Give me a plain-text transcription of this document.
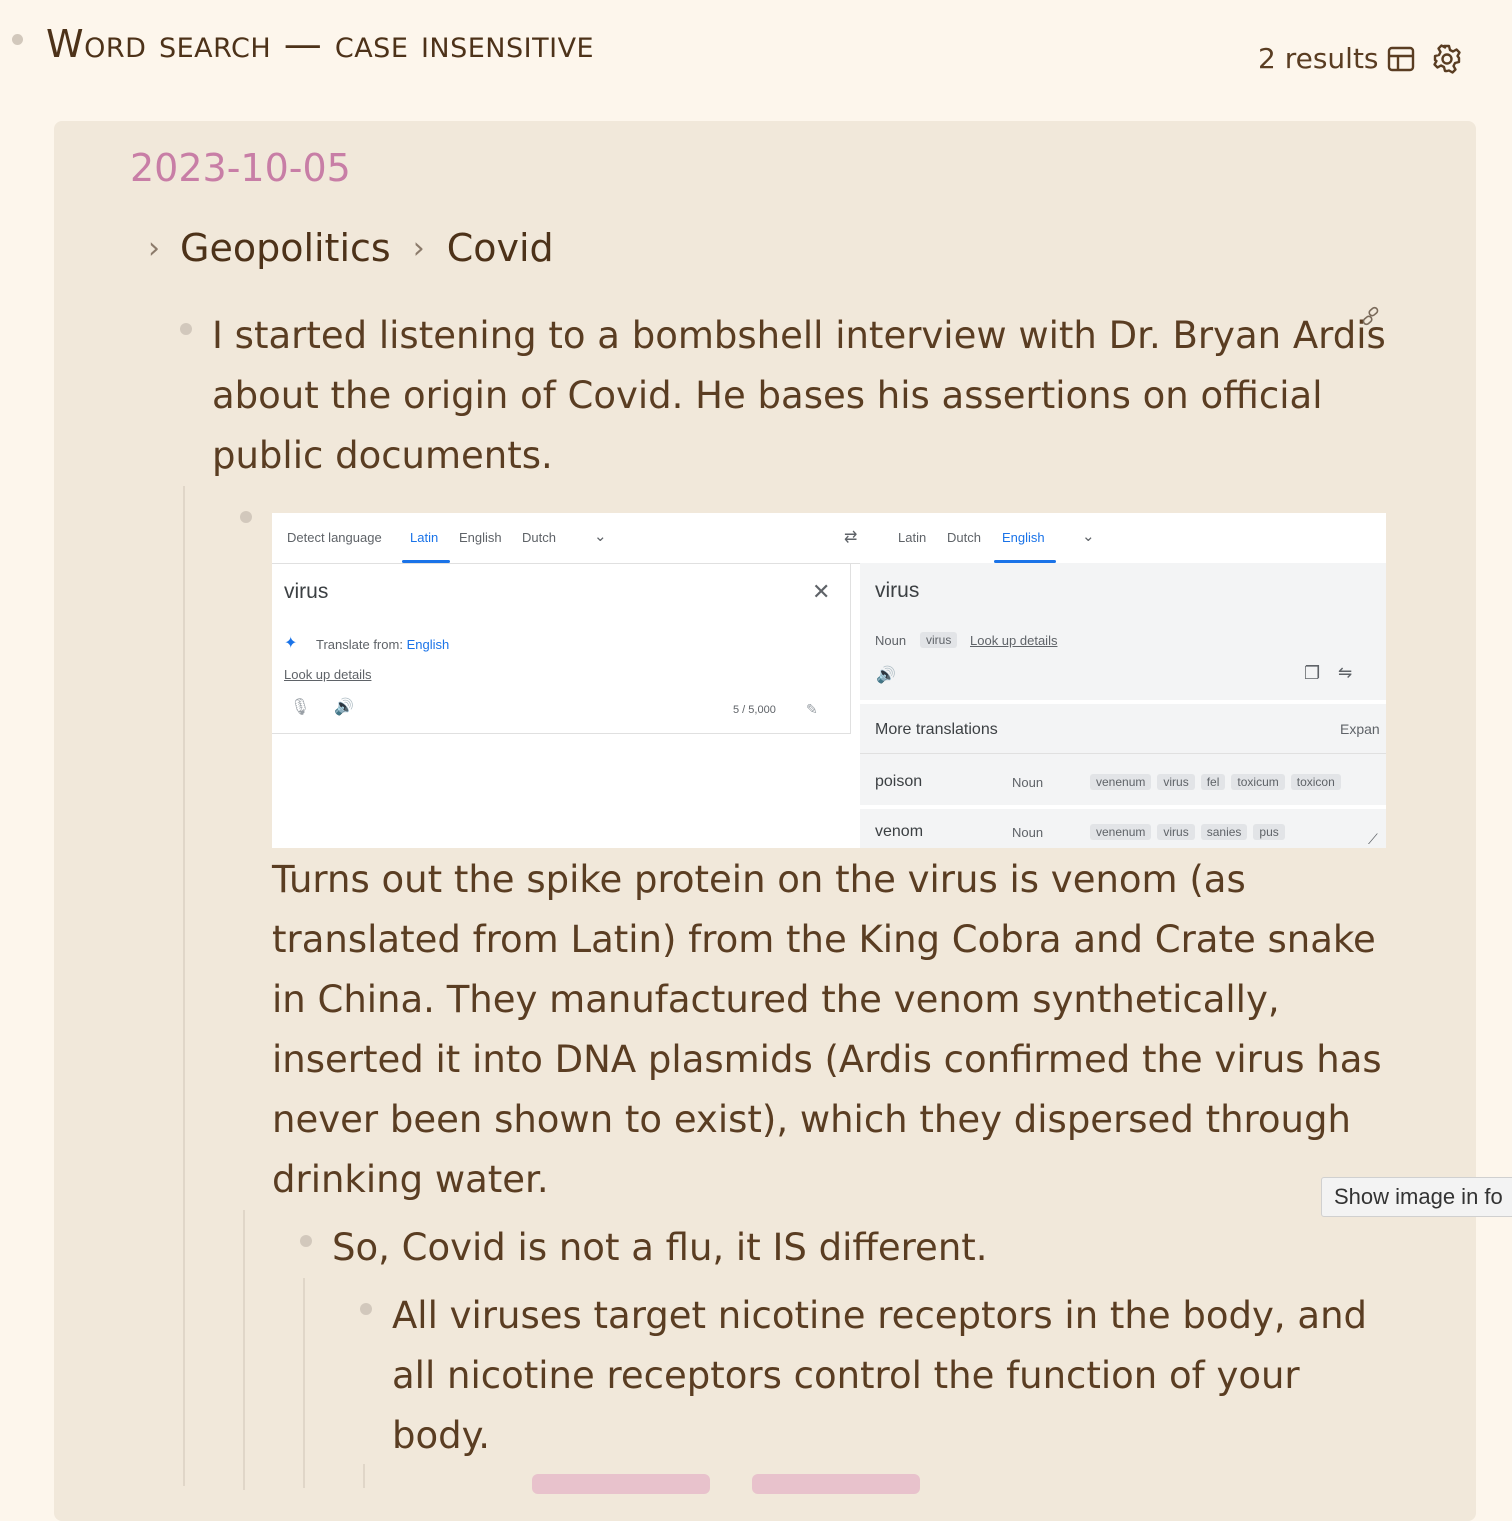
Word search — case insensitive	2 results
2023-10-05
› Geopolitics › Covid
I started listening to a bombshell interview with Dr. Bryan Ardis about the origin of Covid. He bases his assertions on official public documents.
Detect language Latin English Dutch	⌄	⇄	Latin Dutch English ⌄
virus	✕
✦ Translate from: English
Look up details
🎙 🔊	5 / 5,000 ✎
virus
Noun	virus	Look up details
🔊	❐ ⇋
More translations	Expan
poison	Noun	venenum virus fel toxicum toxicon
venom	Noun	venenum virus sanies pus	⟋
Turns out the spike protein on the virus is venom (as translated from Latin) from the King Cobra and Crate snake in China. They manufactured the venom synthetically, inserted it into DNA plasmids (Ardis confirmed the virus has never been shown to exist), which they dispersed through drinking water.
So, Covid is not a flu, it IS different.
All viruses target nicotine receptors in the body, and all nicotine receptors control the function of your body.
Show image in fo
